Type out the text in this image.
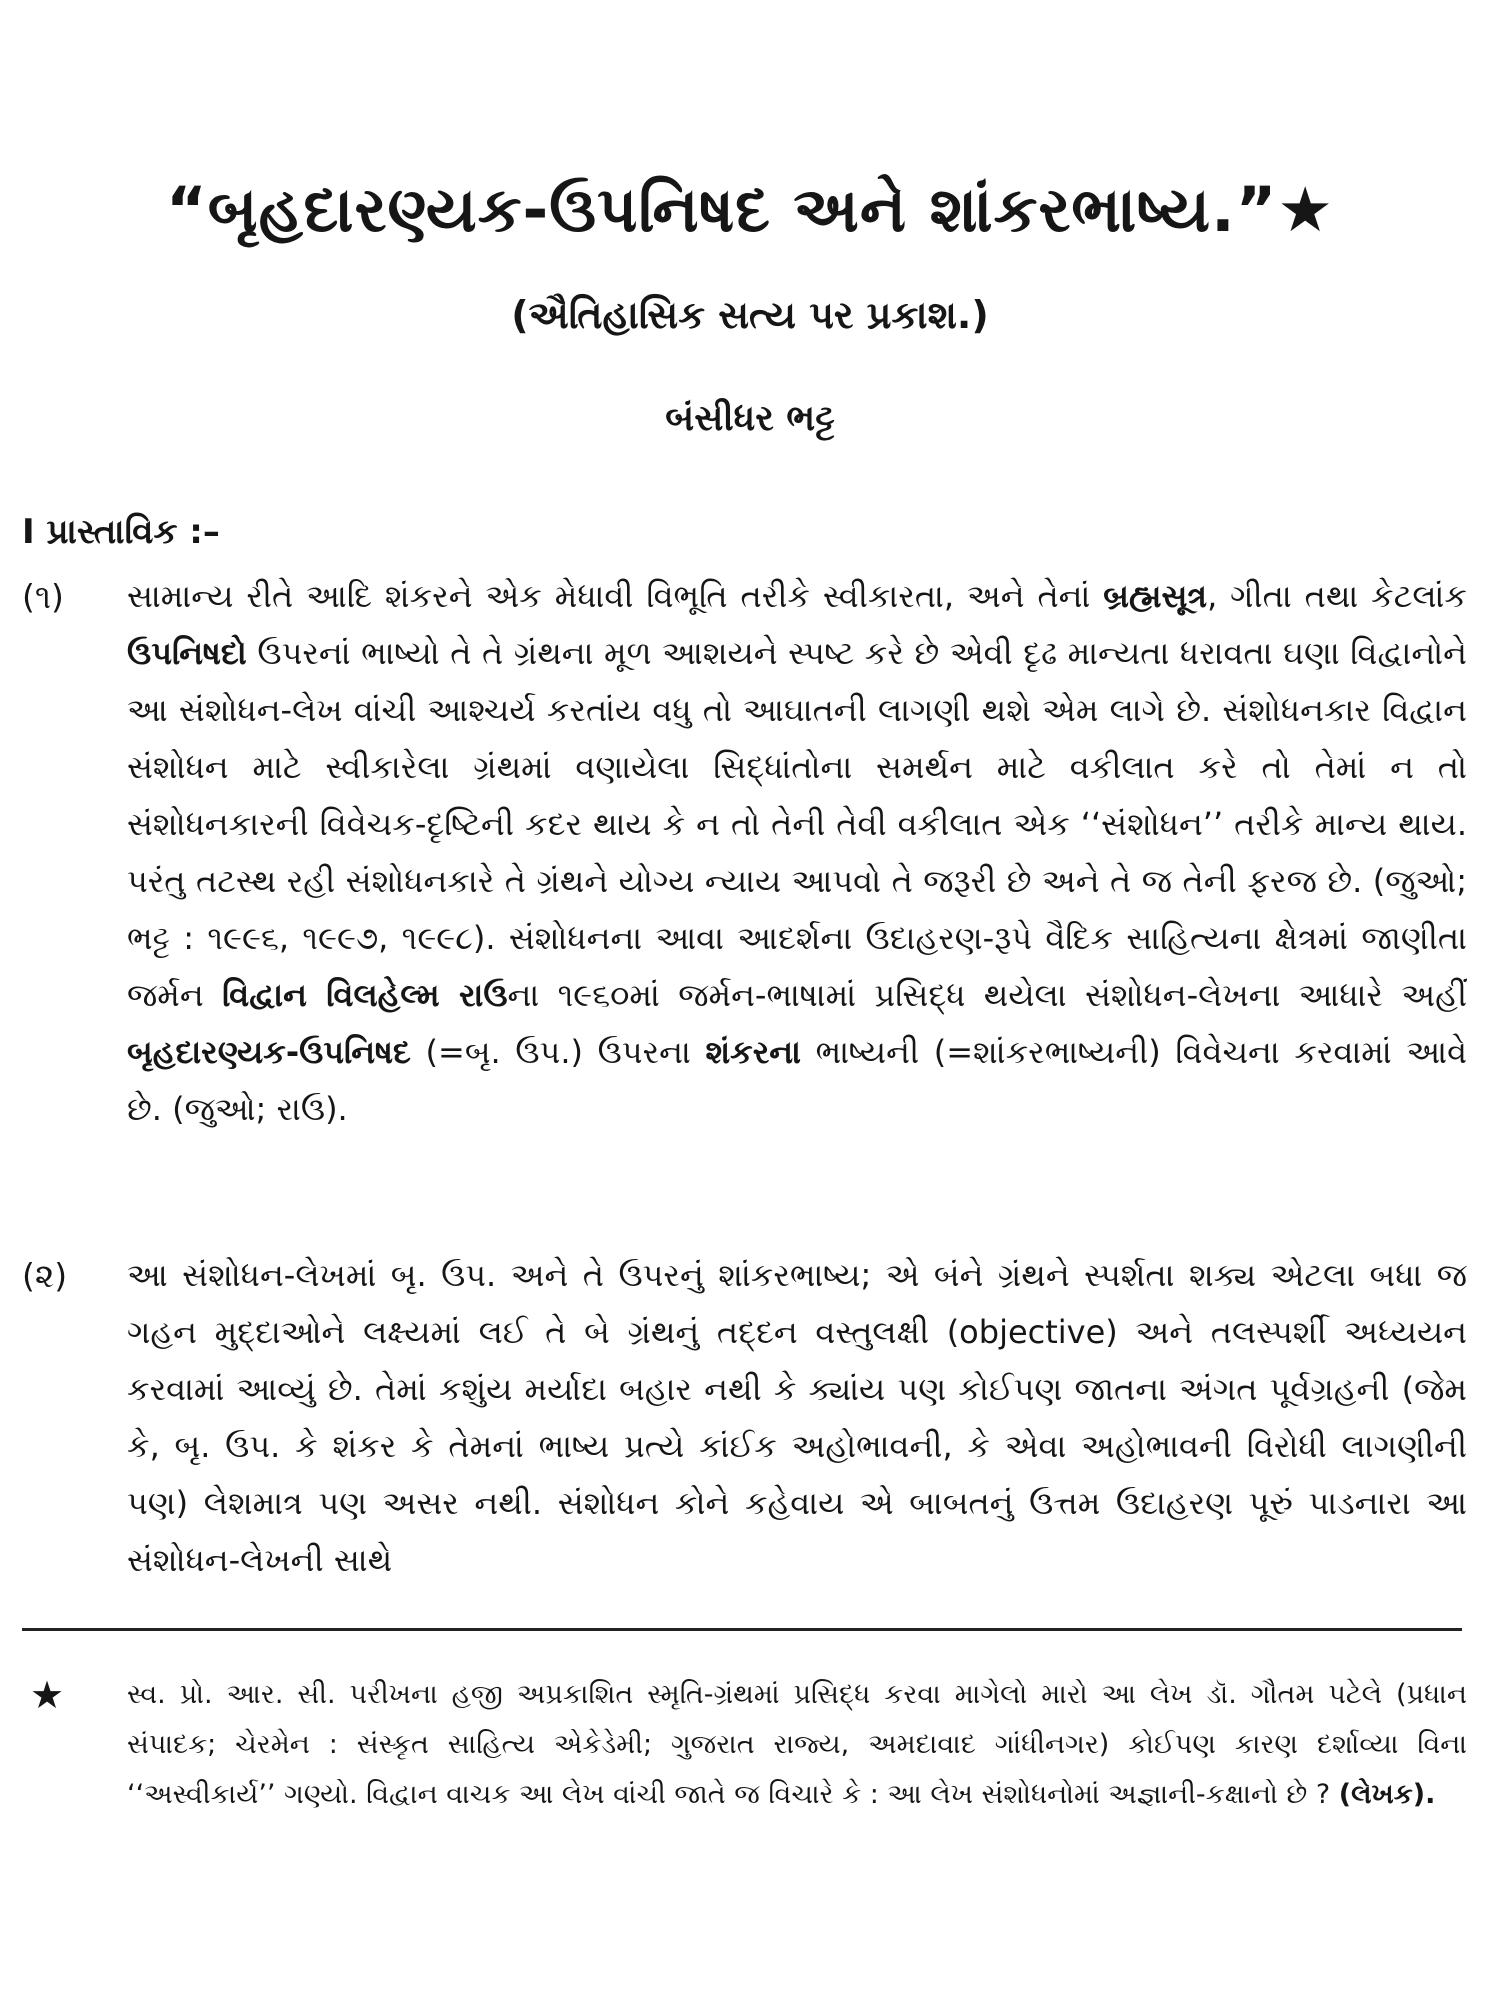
“બૃહદારણ્યક-ઉપનિષદ અને શાંકરભાષ્ય.”★
(ઐતિહાસિક સત્ય પર પ્રકાશ.)
બંસીધર ભટ્ટ
I પ્રાસ્તાવિક :–
(૧) સામાન્ય રીતે આદિ શંકરને એક મેધાવી વિભૂતિ તરીકે સ્વીકારતા, અને તેનાં બ્રહ્મસૂત્ર, ગીતા તથા કેટલાંક ઉપનિષદો ઉપરનાં ભાષ્યો તે તે ગ્રંથના મૂળ આશયને સ્પષ્ટ કરે છે એવી દૃઢ માન્યતા ધરાવતા ઘણા વિદ્વાનોને આ સંશોધન-લેખ વાંચી આશ્ચર્ય કરતાંય વધુ તો આઘાતની લાગણી થશે એમ લાગે છે. સંશોધનકાર વિદ્વાન સંશોધન માટે સ્વીકારેલા ગ્રંથમાં વણાયેલા સિદ્ધાંતોના સમર્થન માટે વકીલાત કરે તો તેમાં ન તો સંશોધનકારની વિવેચક-દૃષ્ટિની કદર થાય કે ન તો તેની તેવી વકીલાત એક ‘‘સંશોધન’’ તરીકે માન્ય થાય. પરંતુ તટસ્થ રહી સંશોધનકારે તે ગ્રંથને યોગ્ય ન્યાય આપવો તે જરૂરી છે અને તે જ તેની ફરજ છે. (જુઓ; ભટ્ટ : ૧૯૯૬, ૧૯૯૭, ૧૯૯૮). સંશોધનના આવા આદર્શના ઉદાહરણ-રૂપે વૈદિક સાહિત્યના ક્ષેત્રમાં જાણીતા જર્મન વિદ્વાન વિલહેલ્મ રાઉના ૧૯૬૦માં જર્મન-ભાષામાં પ્રસિદ્ધ થયેલા સંશોધન-લેખના આધારે અહીં બૃહદારણ્યક-ઉપનિષદ (=બૃ. ઉપ.) ઉપરના શંકરના ભાષ્યની (=શાંકરભાષ્યની) વિવેચના કરવામાં આવે છે. (જુઓ; રાઉ).

(૨) આ સંશોધન-લેખમાં બૃ. ઉપ. અને તે ઉપરનું શાંકરભાષ્ય; એ બંને ગ્રંથને સ્પર્શતા શક્ય એટલા બધા જ ગહન મુદ્દાઓને લક્ષ્યમાં લઈ તે બે ગ્રંથનું તદ્દન વસ્તુલક્ષી (objective) અને તલસ્પર્શી અધ્યયન કરવામાં આવ્યું છે. તેમાં કશુંય મર્યાદા બહાર નથી કે ક્યાંય પણ કોઈપણ જાતના અંગત પૂર્વગ્રહની (જેમ કે, બૃ. ઉપ. કે શંકર કે તેમનાં ભાષ્ય પ્રત્યે કાંઈક અહોભાવની, કે એવા અહોભાવની વિરોધી લાગણીની પણ) લેશમાત્ર પણ અસર નથી. સંશોધન કોને કહેવાય એ બાબતનું ઉત્તમ ઉદાહરણ પૂરું પાડનારા આ સંશોધન-લેખની સાથે

★ સ્વ. પ્રો. આર. સી. પરીખના હજી અપ્રકાશિત સ્મૃતિ-ગ્રંથમાં પ્રસિદ્ધ કરવા માગેલો મારો આ લેખ ડૉ. ગૌતમ પટેલે (પ્રધાન સંપાદક; ચેરમેન : સંસ્કૃત સાહિત્ય એકેડેમી; ગુજરાત રાજ્ય, અમદાવાદ ગાંધીનગર) કોઈપણ કારણ દર્શાવ્યા વિના ‘‘અસ્વીકાર્ય’’ ગણ્યો. વિદ્વાન વાચક આ લેખ વાંચી જાતે જ વિચારે કે : આ લેખ સંશોધનોમાં અજ્ઞાની-કક્ષાનો છે ? (લેખક).
